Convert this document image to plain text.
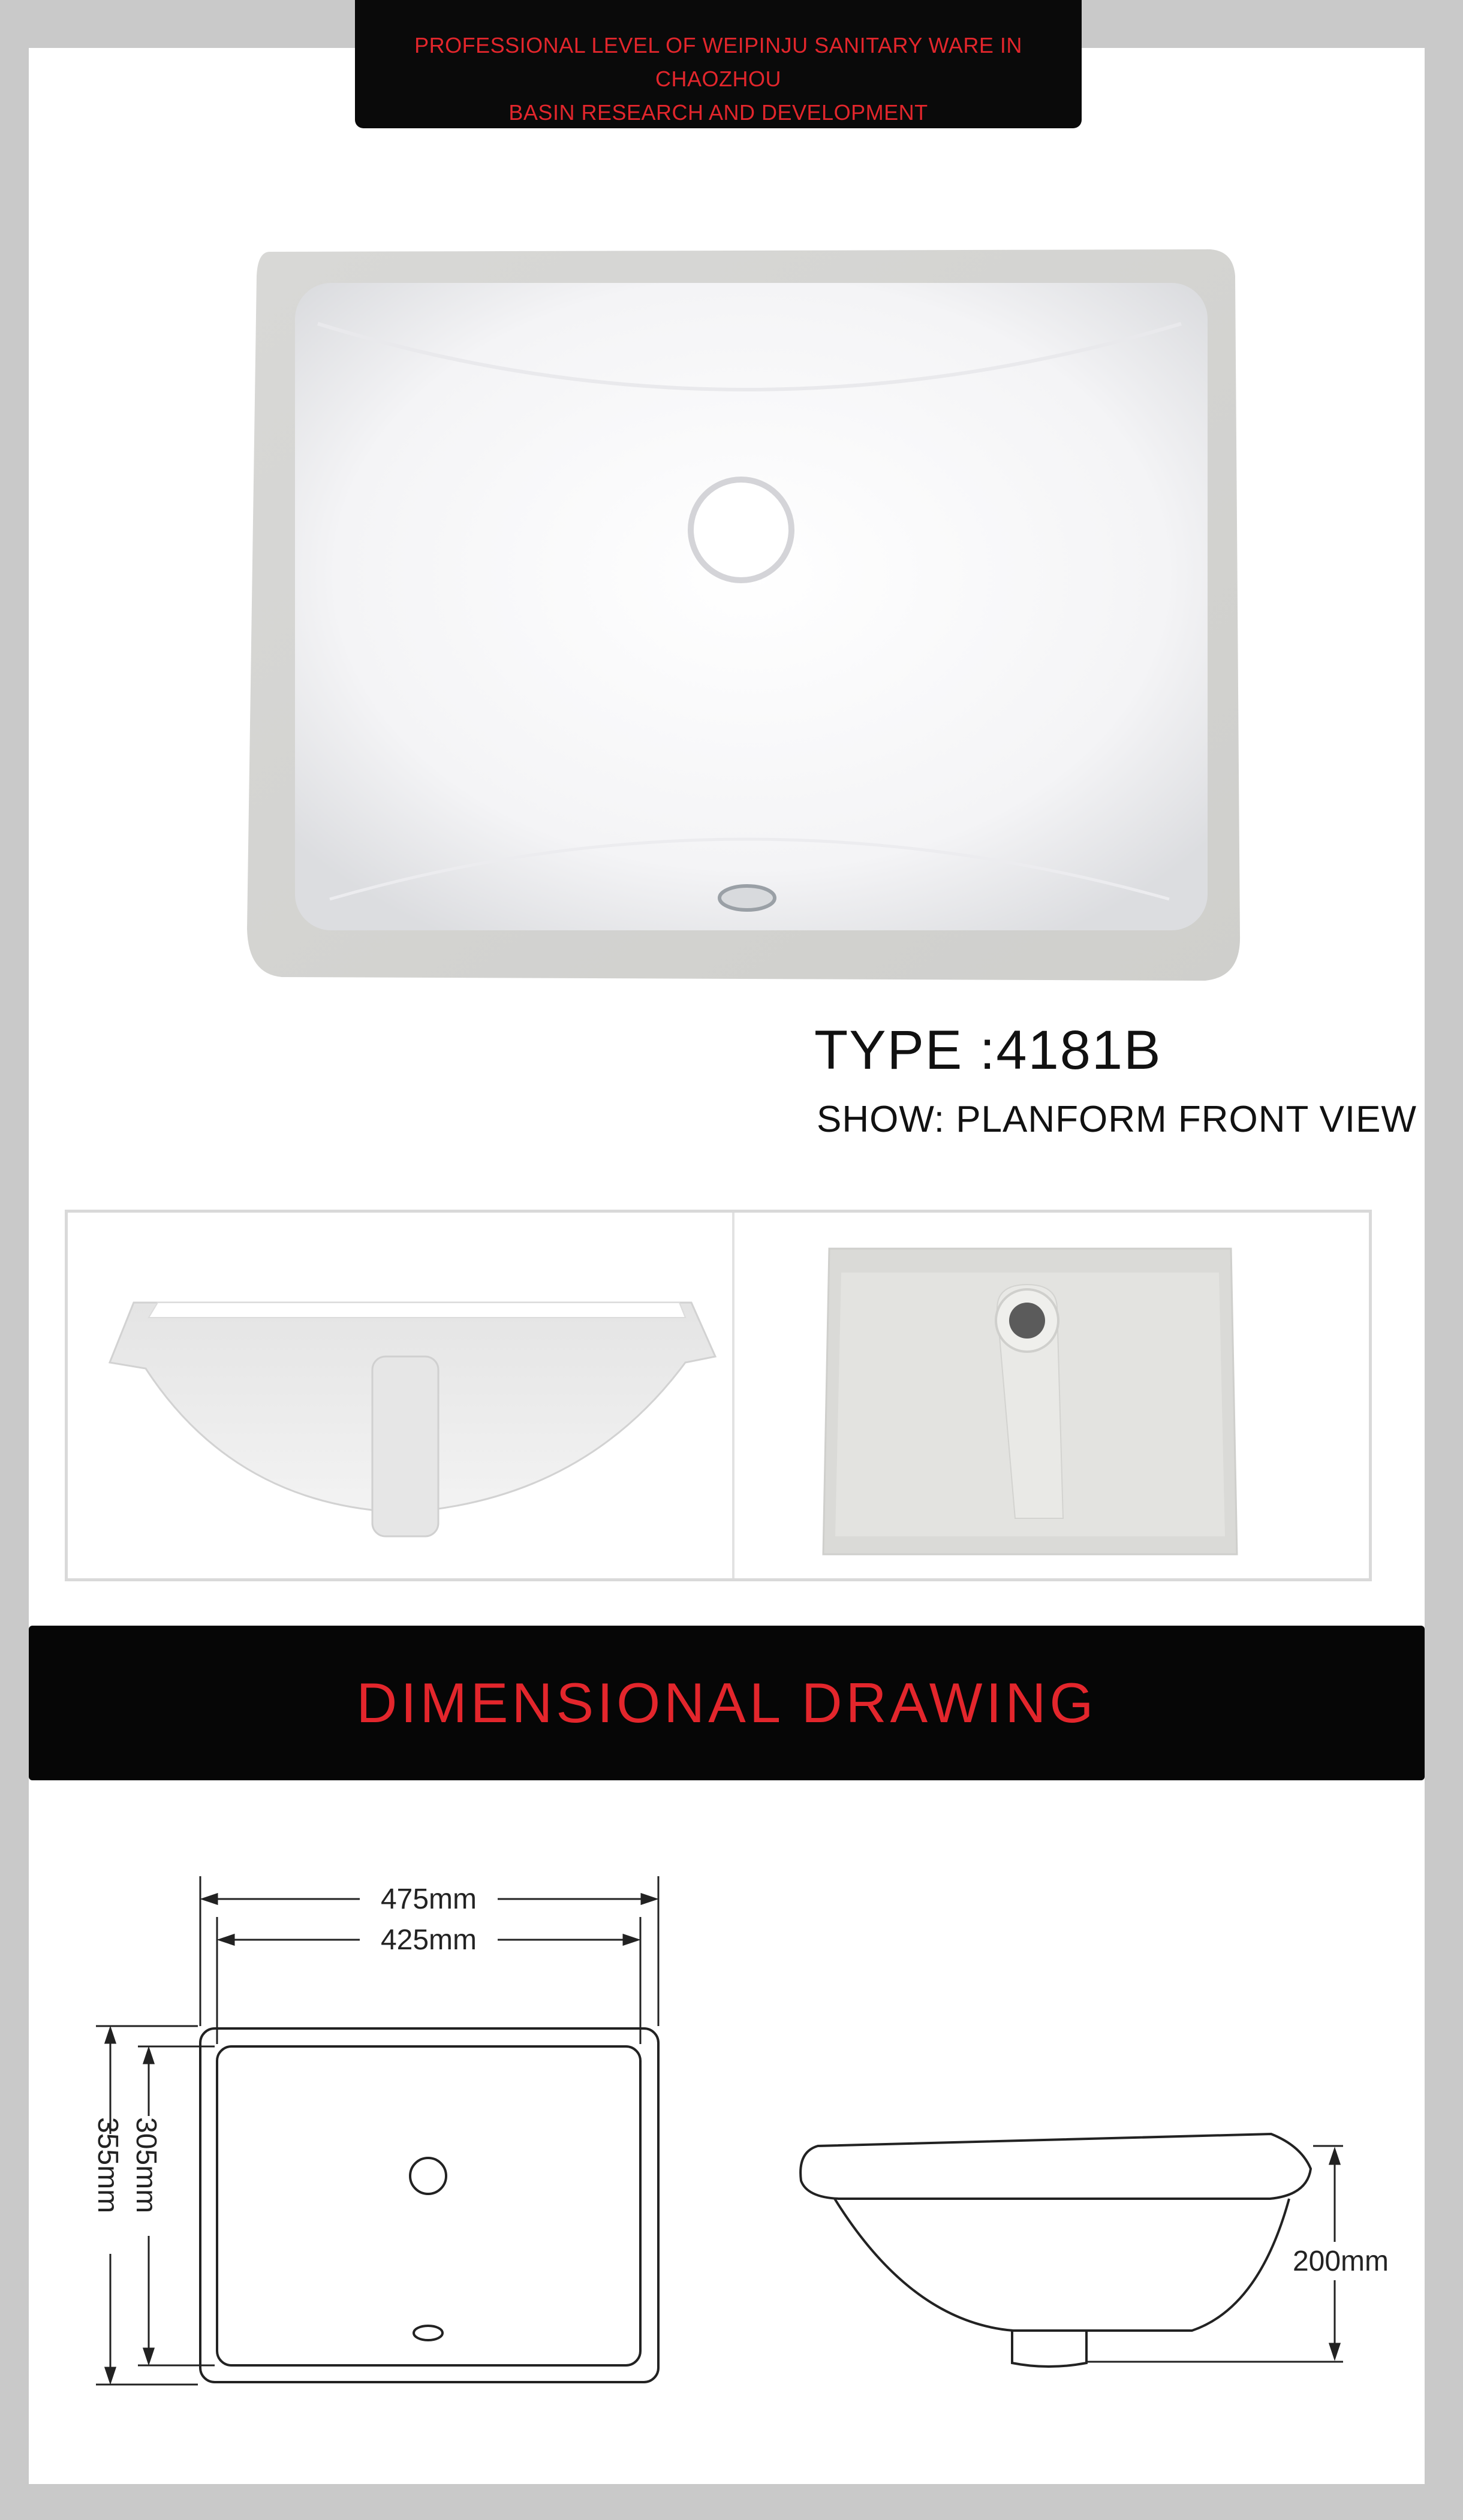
PROFESSIONAL LEVEL OF WEIPINJU SANITARY WARE IN CHAOZHOU
BASIN RESEARCH AND DEVELOPMENT
TYPE :4181B
SHOW: PLANFORM FRONT VIEW
DIMENSIONAL DRAWING
475mm
425mm
355mm 305mm
200mm
